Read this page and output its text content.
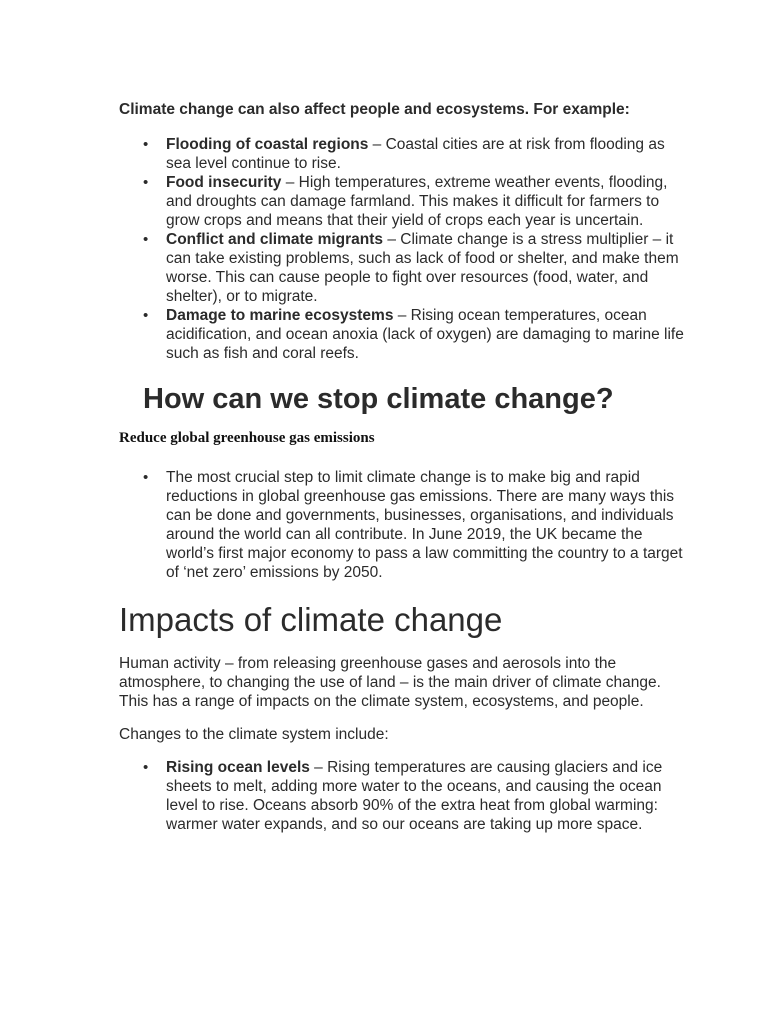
Climate change can also affect people and ecosystems. For example:

• Flooding of coastal regions – Coastal cities are at risk from flooding as sea level continue to rise.
• Food insecurity – High temperatures, extreme weather events, flooding, and droughts can damage farmland. This makes it difficult for farmers to grow crops and means that their yield of crops each year is uncertain.
• Conflict and climate migrants – Climate change is a stress multiplier – it can take existing problems, such as lack of food or shelter, and make them worse. This can cause people to fight over resources (food, water, and shelter), or to migrate.
• Damage to marine ecosystems – Rising ocean temperatures, ocean acidification, and ocean anoxia (lack of oxygen) are damaging to marine life such as fish and coral reefs.
How can we stop climate change?
Reduce global greenhouse gas emissions
• The most crucial step to limit climate change is to make big and rapid reductions in global greenhouse gas emissions. There are many ways this can be done and governments, businesses, organisations, and individuals around the world can all contribute. In June 2019, the UK became the world’s first major economy to pass a law committing the country to a target of ‘net zero’ emissions by 2050.
Impacts of climate change

Human activity – from releasing greenhouse gases and aerosols into the atmosphere, to changing the use of land – is the main driver of climate change. This has a range of impacts on the climate system, ecosystems, and people.

Changes to the climate system include:

• Rising ocean levels – Rising temperatures are causing glaciers and ice sheets to melt, adding more water to the oceans, and causing the ocean level to rise. Oceans absorb 90% of the extra heat from global warming: warmer water expands, and so our oceans are taking up more space.
